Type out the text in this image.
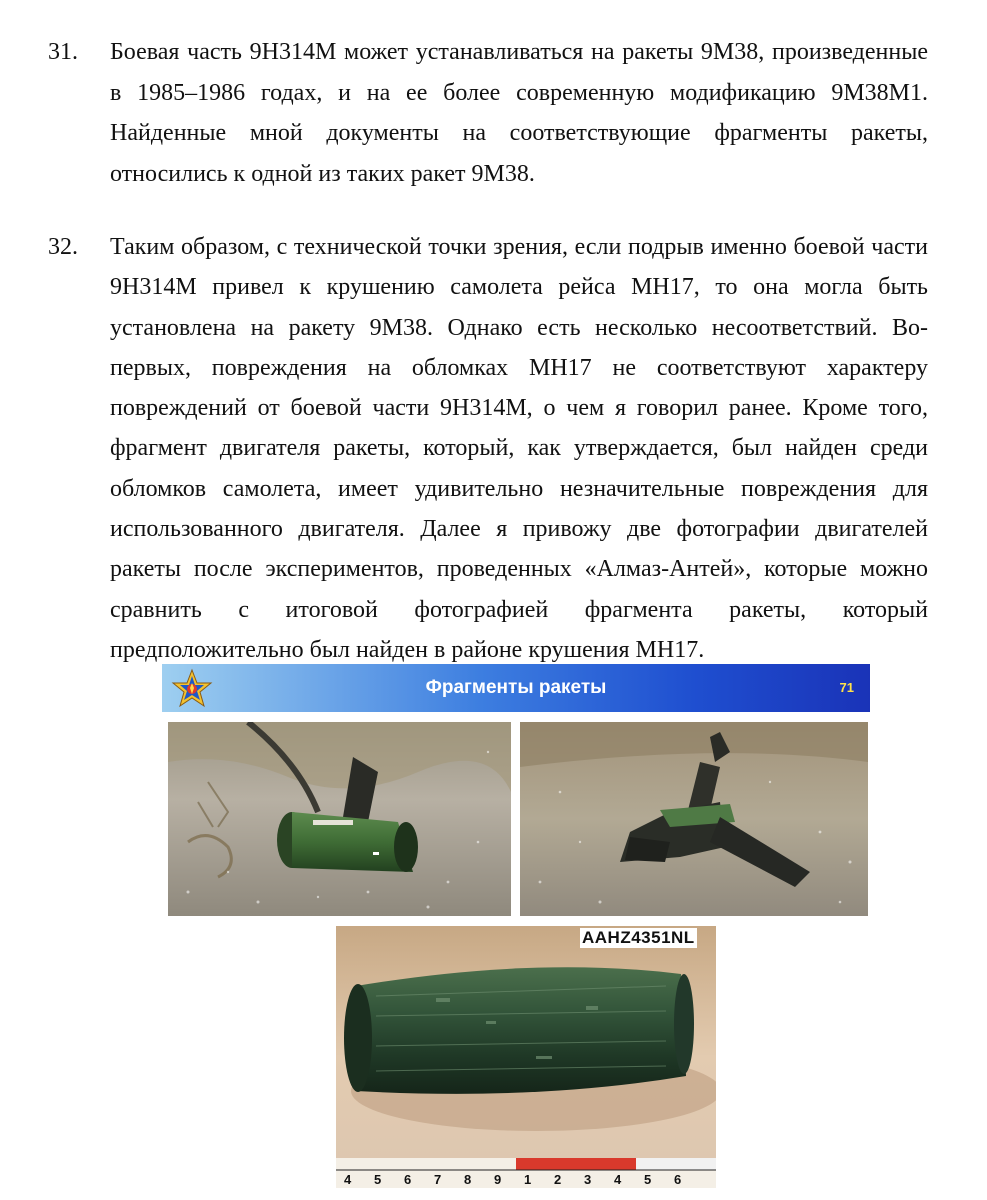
31. Боевая часть 9Н314М может устанавливаться на ракеты 9М38, произведенные в 1985–1986 годах, и на ее более современную модификацию 9М38М1. Найденные мной документы на соответствующие фрагменты ракеты, относились к одной из таких ракет 9М38.
32. Таким образом, с технической точки зрения, если подрыв именно боевой части 9Н314М привел к крушению самолета рейса МН17, то она могла быть установлена на ракету 9М38. Однако есть несколько несоответствий. Во-первых, повреждения на обломках МН17 не соответствуют характеру повреждений от боевой части 9Н314М, о чем я говорил ранее. Кроме того, фрагмент двигателя ракеты, который, как утверждается, был найден среди обломков самолета, имеет удивительно незначительные повреждения для использованного двигателя. Далее я привожу две фотографии двигателей ракеты после экспериментов, проведенных «Алмаз-Антей», которые можно сравнить с итоговой фотографией фрагмента ракеты, который предположительно был найден в районе крушения МН17.
Фрагменты ракеты	71
4 5 6 7 8 9 1 2 3 4 5 6
AAHZ4351NL
